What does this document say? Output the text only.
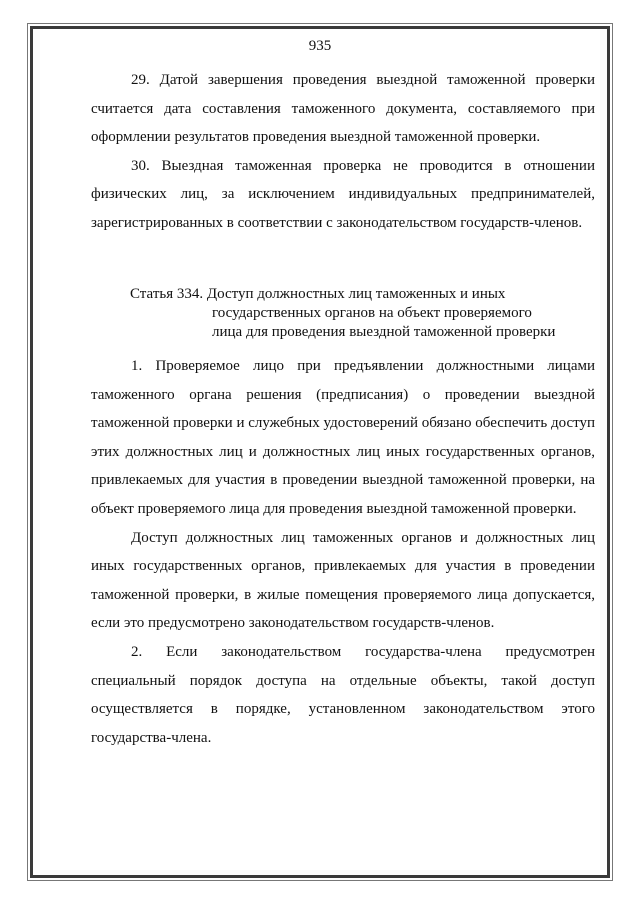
935

29. Датой завершения проведения выездной таможенной проверки считается дата составления таможенного документа, составляемого при оформлении результатов проведения выездной таможенной проверки.

30. Выездная таможенная проверка не проводится в отношении физических лиц, за исключением индивидуальных предпринимателей, зарегистрированных в соответствии с законодательством государств-членов.

Статья 334. Доступ должностных лиц таможенных и иных

государственных органов на объект проверяемого

лица для проведения выездной таможенной проверки

1. Проверяемое лицо при предъявлении должностными лицами таможенного органа решения (предписания) о проведении выездной таможенной проверки и служебных удостоверений обязано обеспечить доступ этих должностных лиц и должностных лиц иных государственных органов, привлекаемых для участия в проведении выездной таможенной проверки, на объект проверяемого лица для проведения выездной таможенной проверки.

Доступ должностных лиц таможенных органов и должностных лиц иных государственных органов, привлекаемых для участия в проведении таможенной проверки, в жилые помещения проверяемого лица допускается, если это предусмотрено законодательством государств-членов.

2. Если законодательством государства-члена предусмотрен специальный порядок доступа на отдельные объекты, такой доступ осуществляется в порядке, установленном законодательством этого государства-члена.
